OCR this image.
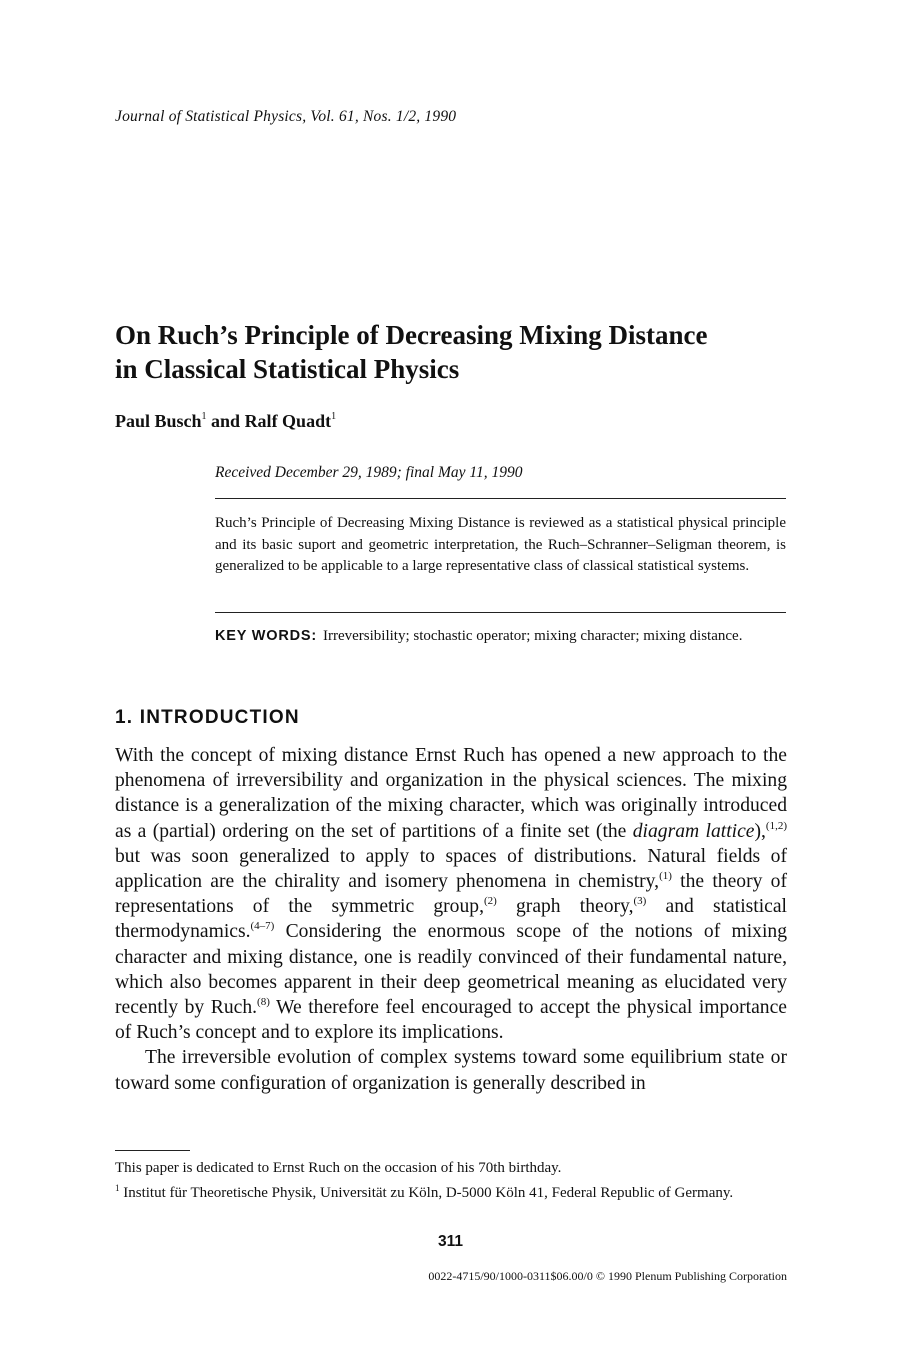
Journal of Statistical Physics, Vol. 61, Nos. 1/2, 1990
On Ruch’s Principle of Decreasing Mixing Distance
in Classical Statistical Physics
Paul Busch$^1$ and Ralf Quadt$^1$
Received December 29, 1989; final May 11, 1990
Ruch’s Principle of Decreasing Mixing Distance is reviewed as a statistical physical principle and its basic suport and geometric interpretation, the Ruch–Schranner–Seligman theorem, is generalized to be applicable to a large representative class of classical statistical systems.
KEY WORDS: Irreversibility; stochastic operator; mixing character; mixing distance.
1. INTRODUCTION

With the concept of mixing distance Ernst Ruch has opened a new approach to the phenomena of irreversibility and organization in the physical sciences. The mixing distance is a generalization of the mixing character, which was originally introduced as a (partial) ordering on the set of partitions of a finite set (the diagram lattice),$^{(1,2)}$ but was soon generalized to apply to spaces of distributions. Natural fields of application are the chirality and isomery phenomena in chemistry,$^{(1)}$ the theory of representations of the symmetric group,$^{(2)}$ graph theory,$^{(3)}$ and statistical thermodynamics.$^{(4-7)}$ Considering the enormous scope of the notions of mixing character and mixing distance, one is readily convinced of their fundamental nature, which also becomes apparent in their deep geometrical meaning as elucidated very recently by Ruch.$^{(8)}$ We therefore feel encouraged to accept the physical importance of Ruch’s concept and to explore its implications.

The irreversible evolution of complex systems toward some equilibrium state or toward some configuration of organization is generally described in

This paper is dedicated to Ernst Ruch on the occasion of his 70th birthday.

$^1$ Institut für Theoretische Physik, Universität zu Köln, D-5000 Köln 41, Federal Republic of Germany.

311
0022-4715/90/1000-0311$06.00/0 © 1990 Plenum Publishing Corporation
